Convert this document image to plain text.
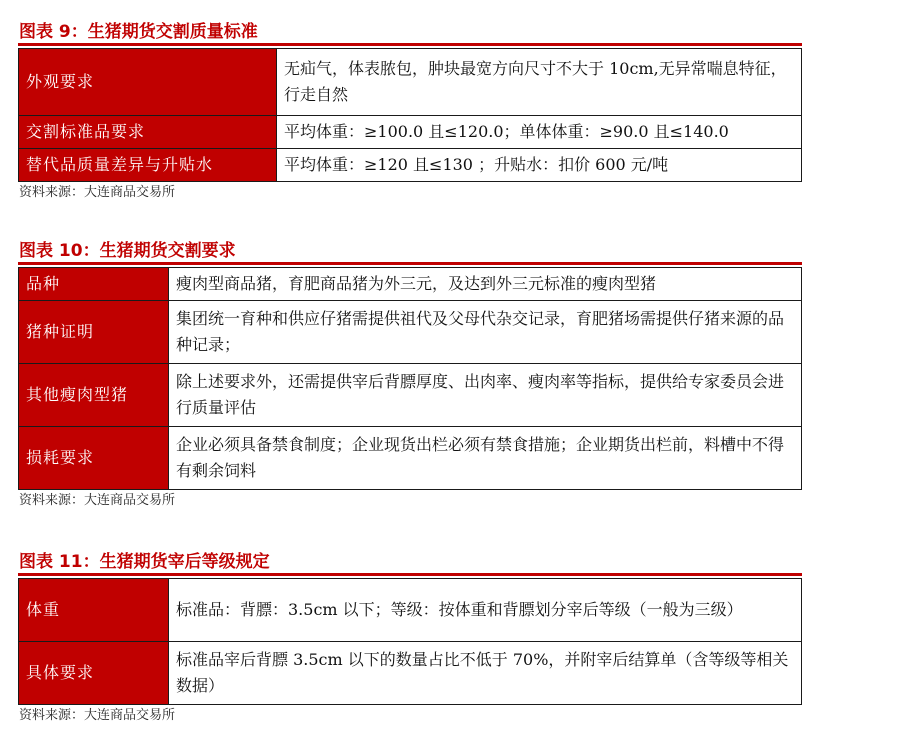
图表 9：生猪期货交割质量标准
外观要求	无疝气，体表脓包，肿块最宽方向尺寸不大于 10cm,无异常喘息特征，行走自然
交割标准品要求	平均体重：≥100.0 且≤120.0；单体体重：≥90.0 且≤140.0
替代品质量差异与升贴水	平均体重：≥120 且≤130 ；升贴水：扣价 600 元/吨
资料来源：大连商品交易所
图表 10：生猪期货交割要求
品种	瘦肉型商品猪，育肥商品猪为外三元，及达到外三元标准的瘦肉型猪
猪种证明	集团统一育种和供应仔猪需提供祖代及父母代杂交记录，育肥猪场需提供仔猪来源的品种记录；
其他瘦肉型猪	除上述要求外，还需提供宰后背膘厚度、出肉率、瘦肉率等指标，提供给专家委员会进行质量评估
损耗要求	企业必须具备禁食制度；企业现货出栏必须有禁食措施；企业期货出栏前，料槽中不得有剩余饲料
资料来源：大连商品交易所
图表 11：生猪期货宰后等级规定
体重	标准品：背膘：3.5cm 以下；等级：按体重和背膘划分宰后等级（一般为三级）
具体要求	标准品宰后背膘 3.5cm 以下的数量占比不低于 70%，并附宰后结算单（含等级等相关数据）
资料来源：大连商品交易所
